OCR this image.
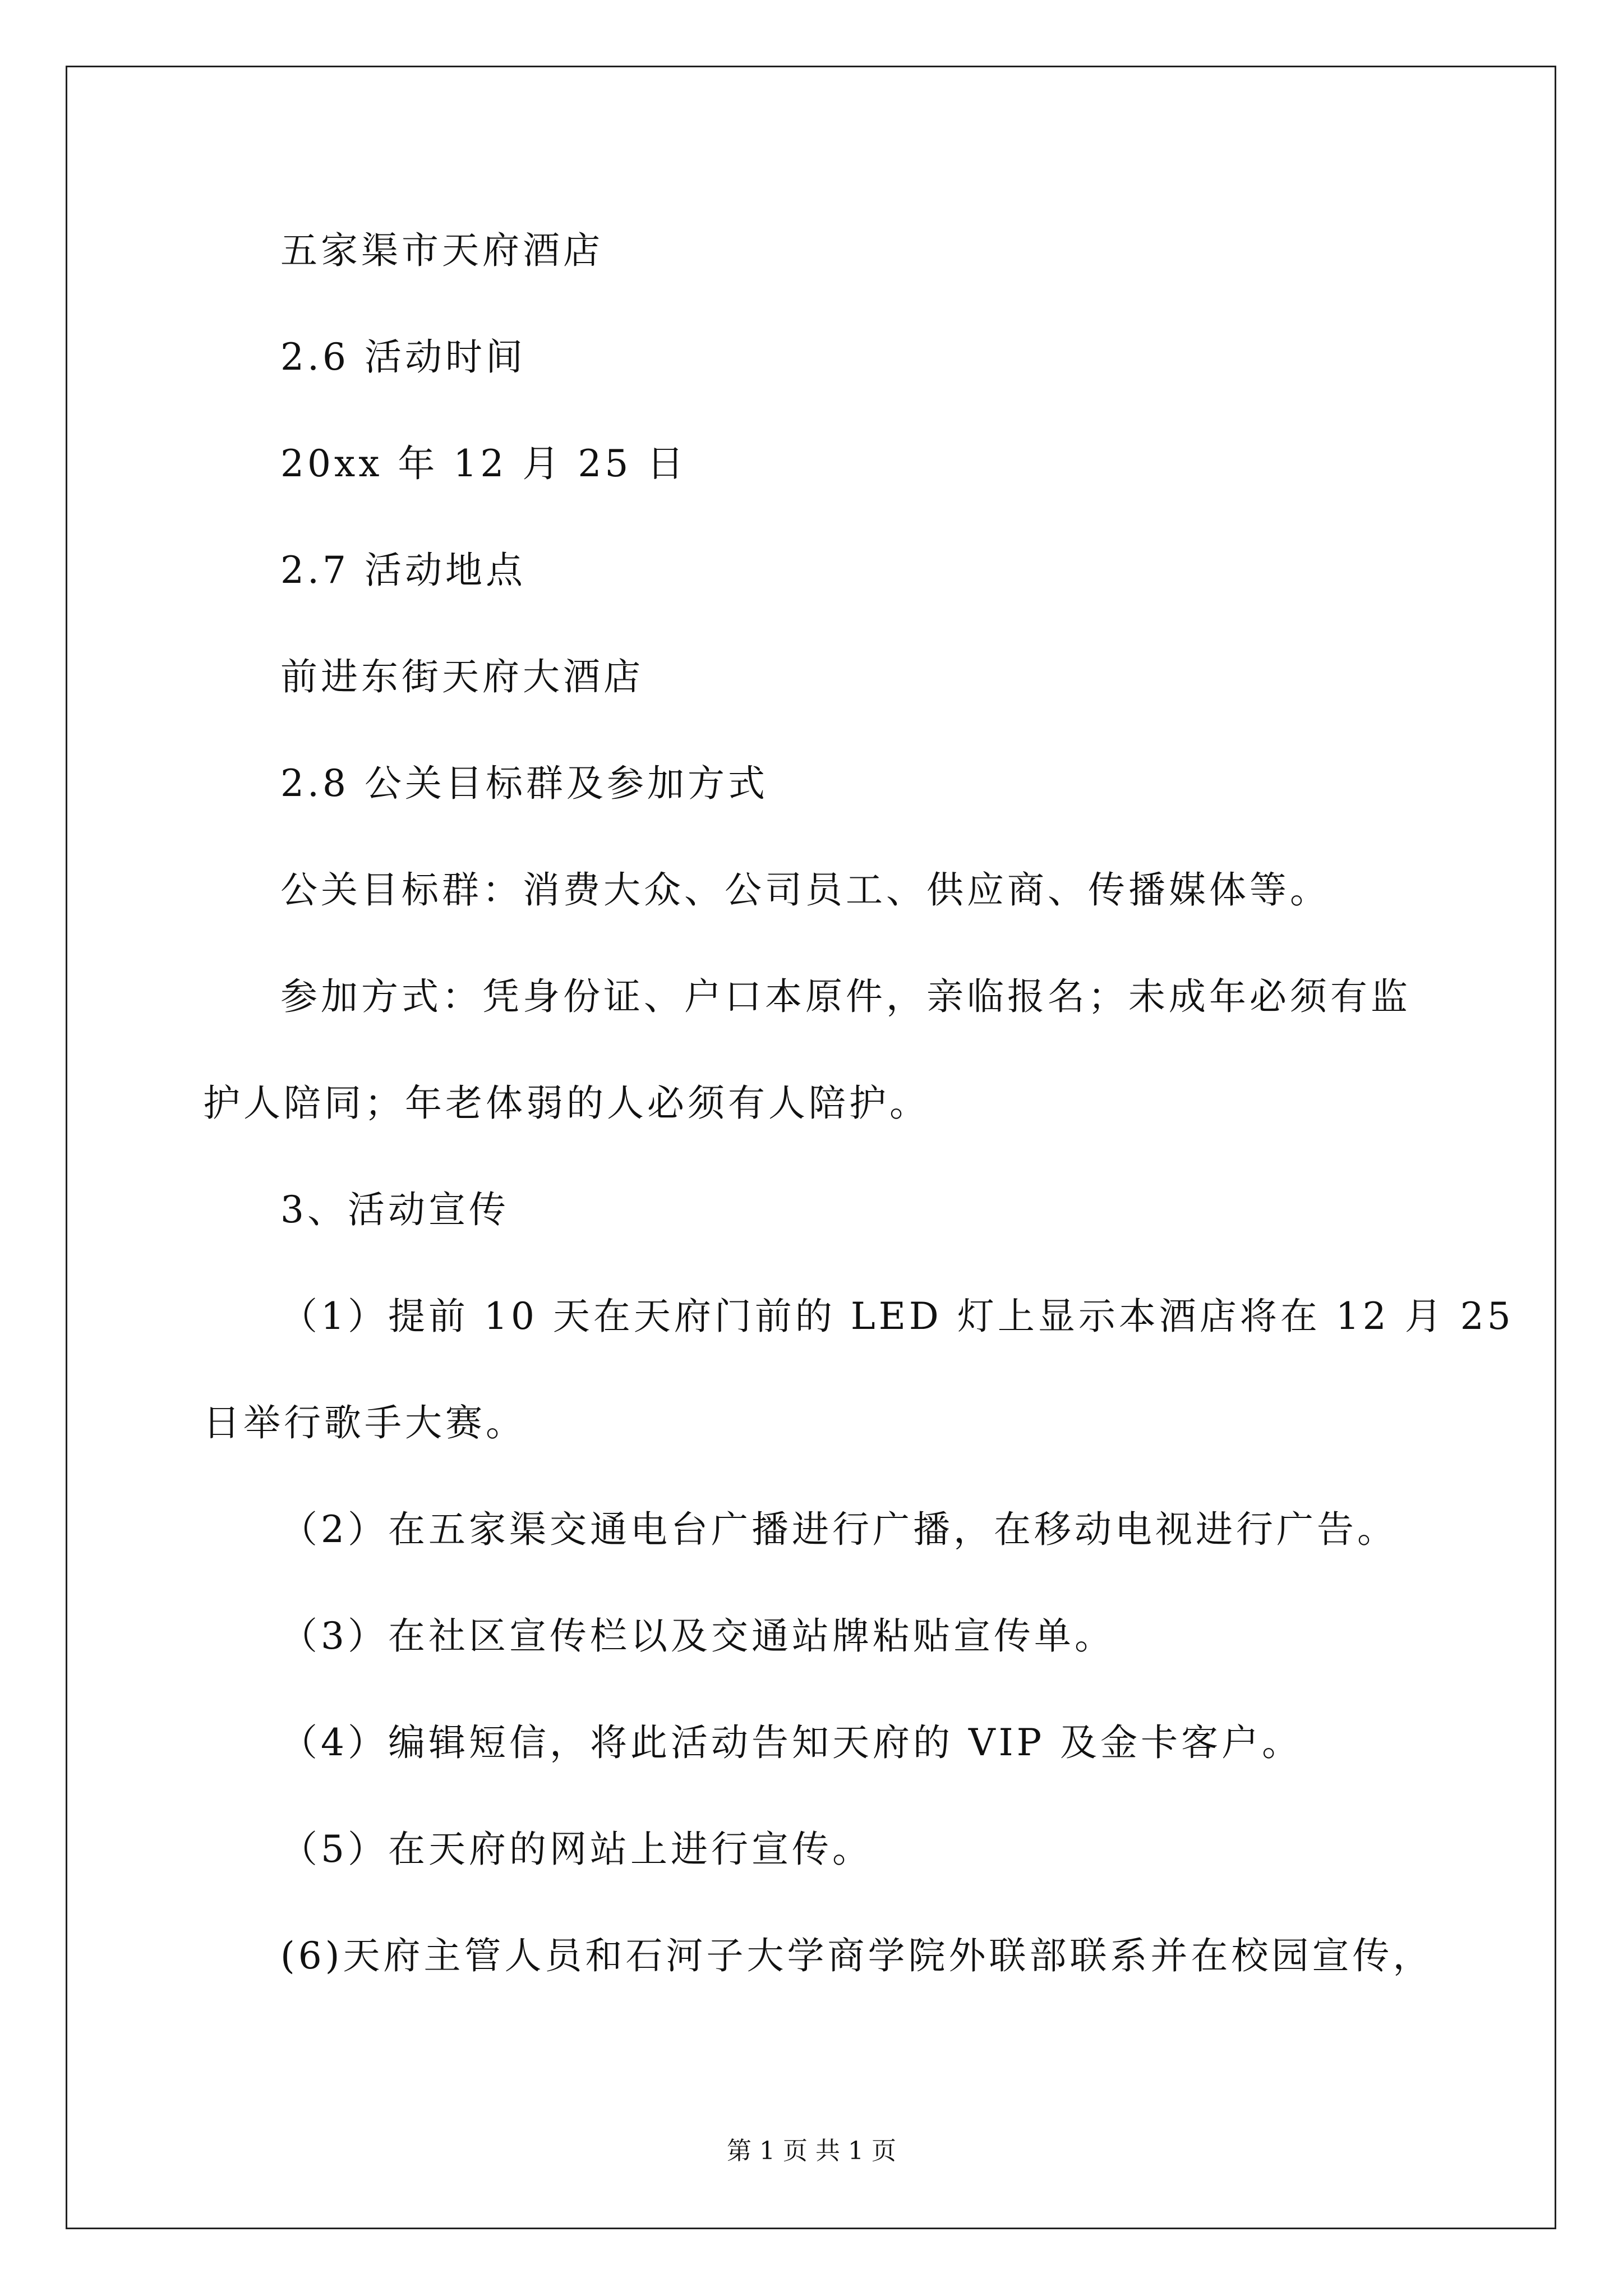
五家渠市天府酒店
2.6 活动时间
20xx 年 12 月 25 日
2.7 活动地点
前进东街天府大酒店
2.8 公关目标群及参加方式
公关目标群：消费大众、公司员工、供应商、传播媒体等。
参加方式：凭身份证、户口本原件，亲临报名；未成年必须有监
护人陪同；年老体弱的人必须有人陪护。
3、活动宣传
（1）提前 10 天在天府门前的 LED 灯上显示本酒店将在 12 月 25
日举行歌手大赛。
（2）在五家渠交通电台广播进行广播，在移动电视进行广告。
（3）在社区宣传栏以及交通站牌粘贴宣传单。
（4）编辑短信，将此活动告知天府的 VIP 及金卡客户。
（5）在天府的网站上进行宣传。
(6)天府主管人员和石河子大学商学院外联部联系并在校园宣传，
第 1 页 共 1 页
